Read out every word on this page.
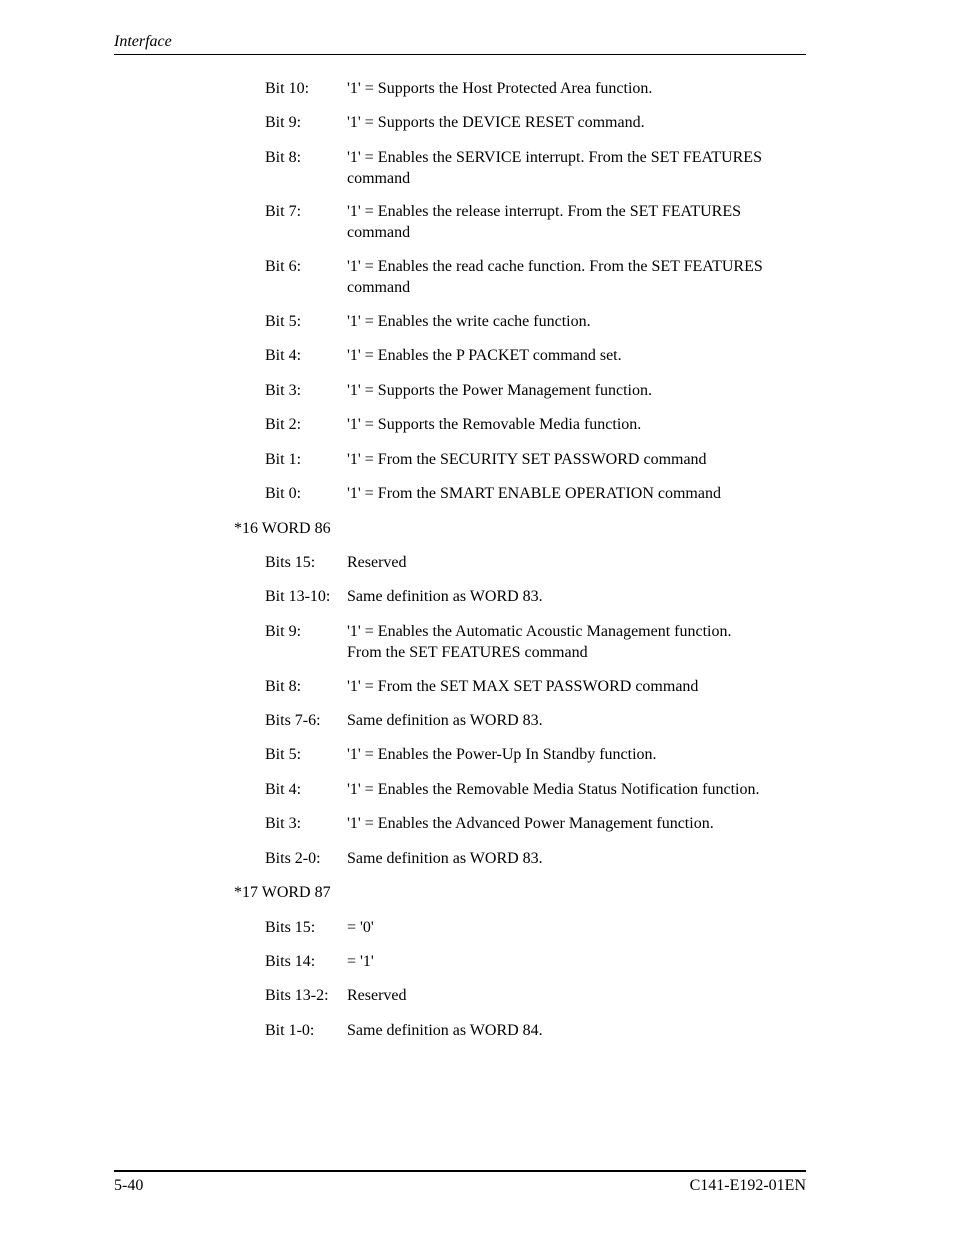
Interface
Bit 10: '1' = Supports the Host Protected Area function.
Bit 9:	'1' = Supports the DEVICE RESET command.
Bit 8:	'1' = Enables the SERVICE interrupt. From the SET FEATURES command
Bit 7:	'1' = Enables the release interrupt. From the SET FEATURES command
Bit 6:	'1' = Enables the read cache function. From the SET FEATURES command
Bit 5:	'1' = Enables the write cache function.
Bit 4:	'1' = Enables the P PACKET command set.
Bit 3:	'1' = Supports the Power Management function.
Bit 2:	'1' = Supports the Removable Media function.
Bit 1:	'1' = From the SECURITY SET PASSWORD command
Bit 0:	'1' = From the SMART ENABLE OPERATION command
*16 WORD 86
Bits 15: Reserved
Bit 13-10: Same definition as WORD 83.
Bit 9:	'1' = Enables the Automatic Acoustic Management function. From the SET FEATURES command
Bit 8:	'1' = From the SET MAX SET PASSWORD command
Bits 7-6: Same definition as WORD 83.
Bit 5:	'1' = Enables the Power-Up In Standby function.
Bit 4:	'1' = Enables the Removable Media Status Notification function.
Bit 3:	'1' = Enables the Advanced Power Management function.
Bits 2-0: Same definition as WORD 83.
*17 WORD 87
Bits 15: = '0'
Bits 14: = '1'
Bits 13-2: Reserved
Bit 1-0: Same definition as WORD 84.
5-40	C141-E192-01EN
